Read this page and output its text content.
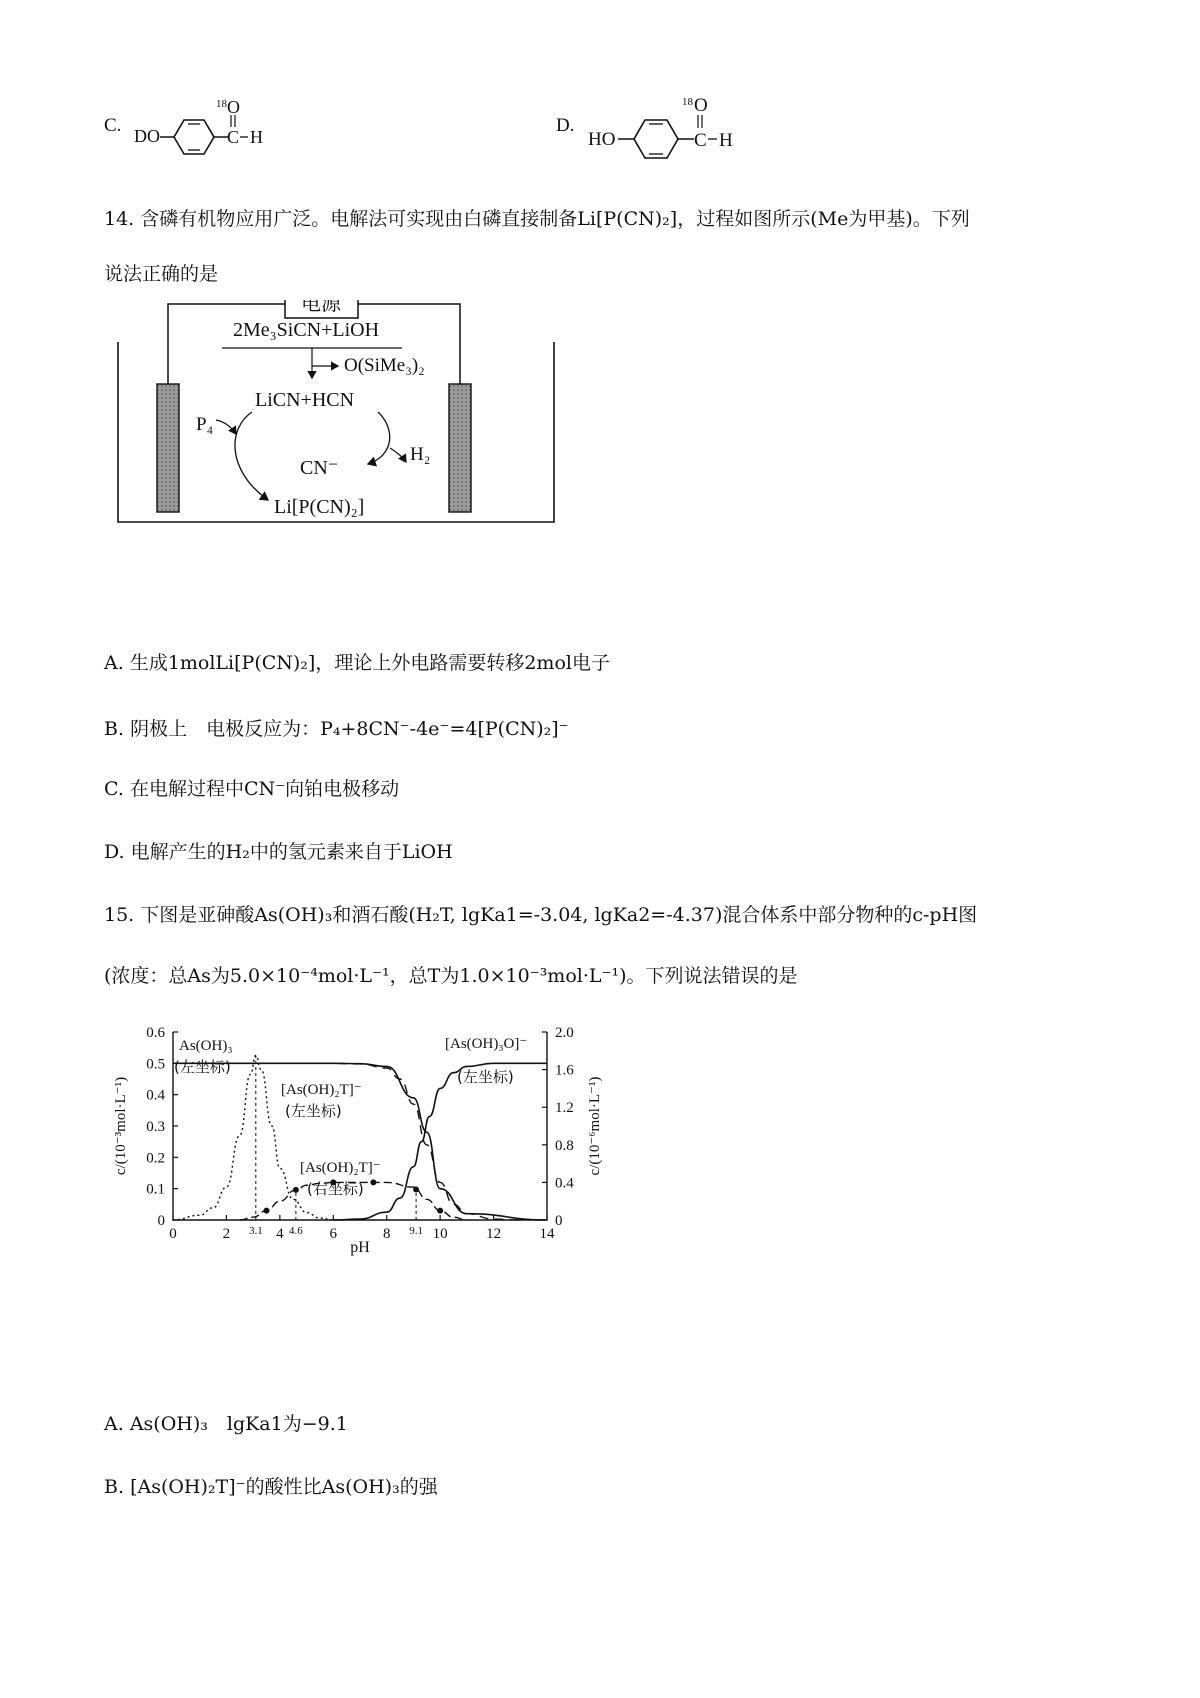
C. DO	C H
18 O
D.
HO	C H
18 O
14. 含磷有机物应用广泛。电解法可实现由白磷直接制备Li[P(CN)₂]，过程如图所示(Me为甲基)。下列
说法正确的是
电源
2Me₃SiCN+LiOH
O(SiMe₃)₂
LiCN+HCN
P₄
H₂
CN⁻
Li[P(CN)₂]
A. 生成1molLi[P(CN)₂]，理论上外电路需要转移2mol电子
B. 阴极上　电极反应为：P₄+8CN⁻-4e⁻=4[P(CN)₂]⁻
C. 在电解过程中CN⁻向铂电极移动
D. 电解产生的H₂中的氢元素来自于LiOH
15. 下图是亚砷酸As(OH)₃和酒石酸(H₂T, lgKa1=-3.04, lgKa2=-4.37)混合体系中部分物种的c-pH图
(浓度：总As为5.0×10⁻⁴mol·L⁻¹，总T为1.0×10⁻³mol·L⁻¹)。下列说法错误的是
0	2	4	6	8	10	12	14
0
0.1
0.2
0.3
0.4
0.5
0.6
0
0.4
0.8
1.2
1.6
2.0
pH
c/(10⁻³mol·L⁻¹)	c/(10⁻⁶mol·L⁻¹)
3.1 4.6	9.1
As(OH)₃
(左坐标)
[As(OH)₂T]⁻
(左坐标)
[As(OH)₃O]⁻
(左坐标)
[As(OH)₂T]⁻
(右坐标)
A. As(OH)₃　lgKa1为−9.1
B. [As(OH)₂T]⁻的酸性比As(OH)₃的强
